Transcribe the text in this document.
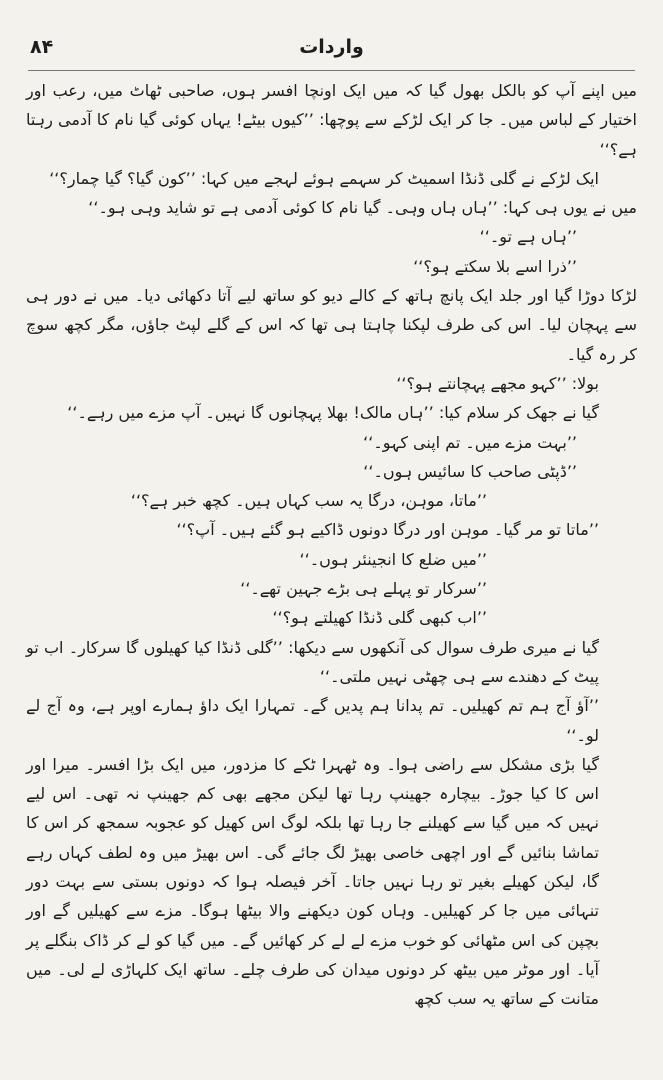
۸۴	واردات

میں اپنے آپ کو بالکل بھول گیا کہ میں ایک اونچا افسر ہوں، صاحبی ٹھاٹ میں، رعب اور اختیار کے لباس میں۔ جا کر ایک لڑکے سے پوچھا: ’’کیوں بیٹے! یہاں کوئی گیا نام کا آدمی رہتا ہے؟‘‘

ایک لڑکے نے گلی ڈنڈا اسمیٹ کر سہمے ہوئے لہجے میں کہا: ’’کون گیا؟ گیا چمار؟‘‘

میں نے یوں ہی کہا: ’’ہاں ہاں وہی۔ گیا نام کا کوئی آدمی ہے تو شاید وہی ہو۔‘‘

’’ہاں ہے تو۔‘‘

’’ذرا اسے بلا سکتے ہو؟‘‘

لڑکا دوڑا گیا اور جلد ایک پانچ ہاتھ کے کالے دیو کو ساتھ لیے آتا دکھائی دیا۔ میں نے دور ہی سے پہچان لیا۔ اس کی طرف لپکنا چاہتا ہی تھا کہ اس کے گلے لپٹ جاؤں، مگر کچھ سوچ کر رہ گیا۔

بولا: ’’کہو مجھے پہچانتے ہو؟‘‘

گیا نے جھک کر سلام کیا: ’’ہاں مالک! بھلا پہچانوں گا نہیں۔ آپ مزے میں رہے۔‘‘

’’بہت مزے میں۔ تم اپنی کہو۔‘‘

’’ڈپٹی صاحب کا سائیس ہوں۔‘‘

’’ماتا، موہن، درگا یہ سب کہاں ہیں۔ کچھ خبر ہے؟‘‘

’’ماتا تو مر گیا۔ موہن اور درگا دونوں ڈاکیے ہو گئے ہیں۔ آپ؟‘‘

’’میں ضلع کا انجینئر ہوں۔‘‘

’’سرکار تو پہلے ہی بڑے جہین تھے۔‘‘

’’اب کبھی گلی ڈنڈا کھیلتے ہو؟‘‘

گیا نے میری طرف سوال کی آنکھوں سے دیکھا: ’’گلی ڈنڈا کیا کھیلوں گا سرکار۔ اب تو پیٹ کے دھندے سے ہی چھٹی نہیں ملتی۔‘‘

’’آؤ آج ہم تم کھیلیں۔ تم پدانا ہم پدیں گے۔ تمہارا ایک داؤ ہمارے اوپر ہے، وہ آج لے لو۔‘‘

گیا بڑی مشکل سے راضی ہوا۔ وہ ٹھہرا ٹکے کا مزدور، میں ایک بڑا افسر۔ میرا اور اس کا کیا جوڑ۔ بیچارہ جھینپ رہا تھا لیکن مجھے بھی کم جھینپ نہ تھی۔ اس لیے نہیں کہ میں گیا سے کھیلنے جا رہا تھا بلکہ لوگ اس کھیل کو عجوبہ سمجھ کر اس کا تماشا بنائیں گے اور اچھی خاصی بھیڑ لگ جائے گی۔ اس بھیڑ میں وہ لطف کہاں رہے گا، لیکن کھیلے بغیر تو رہا نہیں جاتا۔ آخر فیصلہ ہوا کہ دونوں بستی سے بہت دور تنہائی میں جا کر کھیلیں۔ وہاں کون دیکھنے والا بیٹھا ہوگا۔ مزے سے کھیلیں گے اور بچپن کی اس مٹھائی کو خوب مزے لے لے کر کھائیں گے۔ میں گیا کو لے کر ڈاک بنگلے پر آیا۔ اور موٹر میں بیٹھ کر دونوں میدان کی طرف چلے۔ ساتھ ایک کلہاڑی لے لی۔ میں متانت کے ساتھ یہ سب کچھ
